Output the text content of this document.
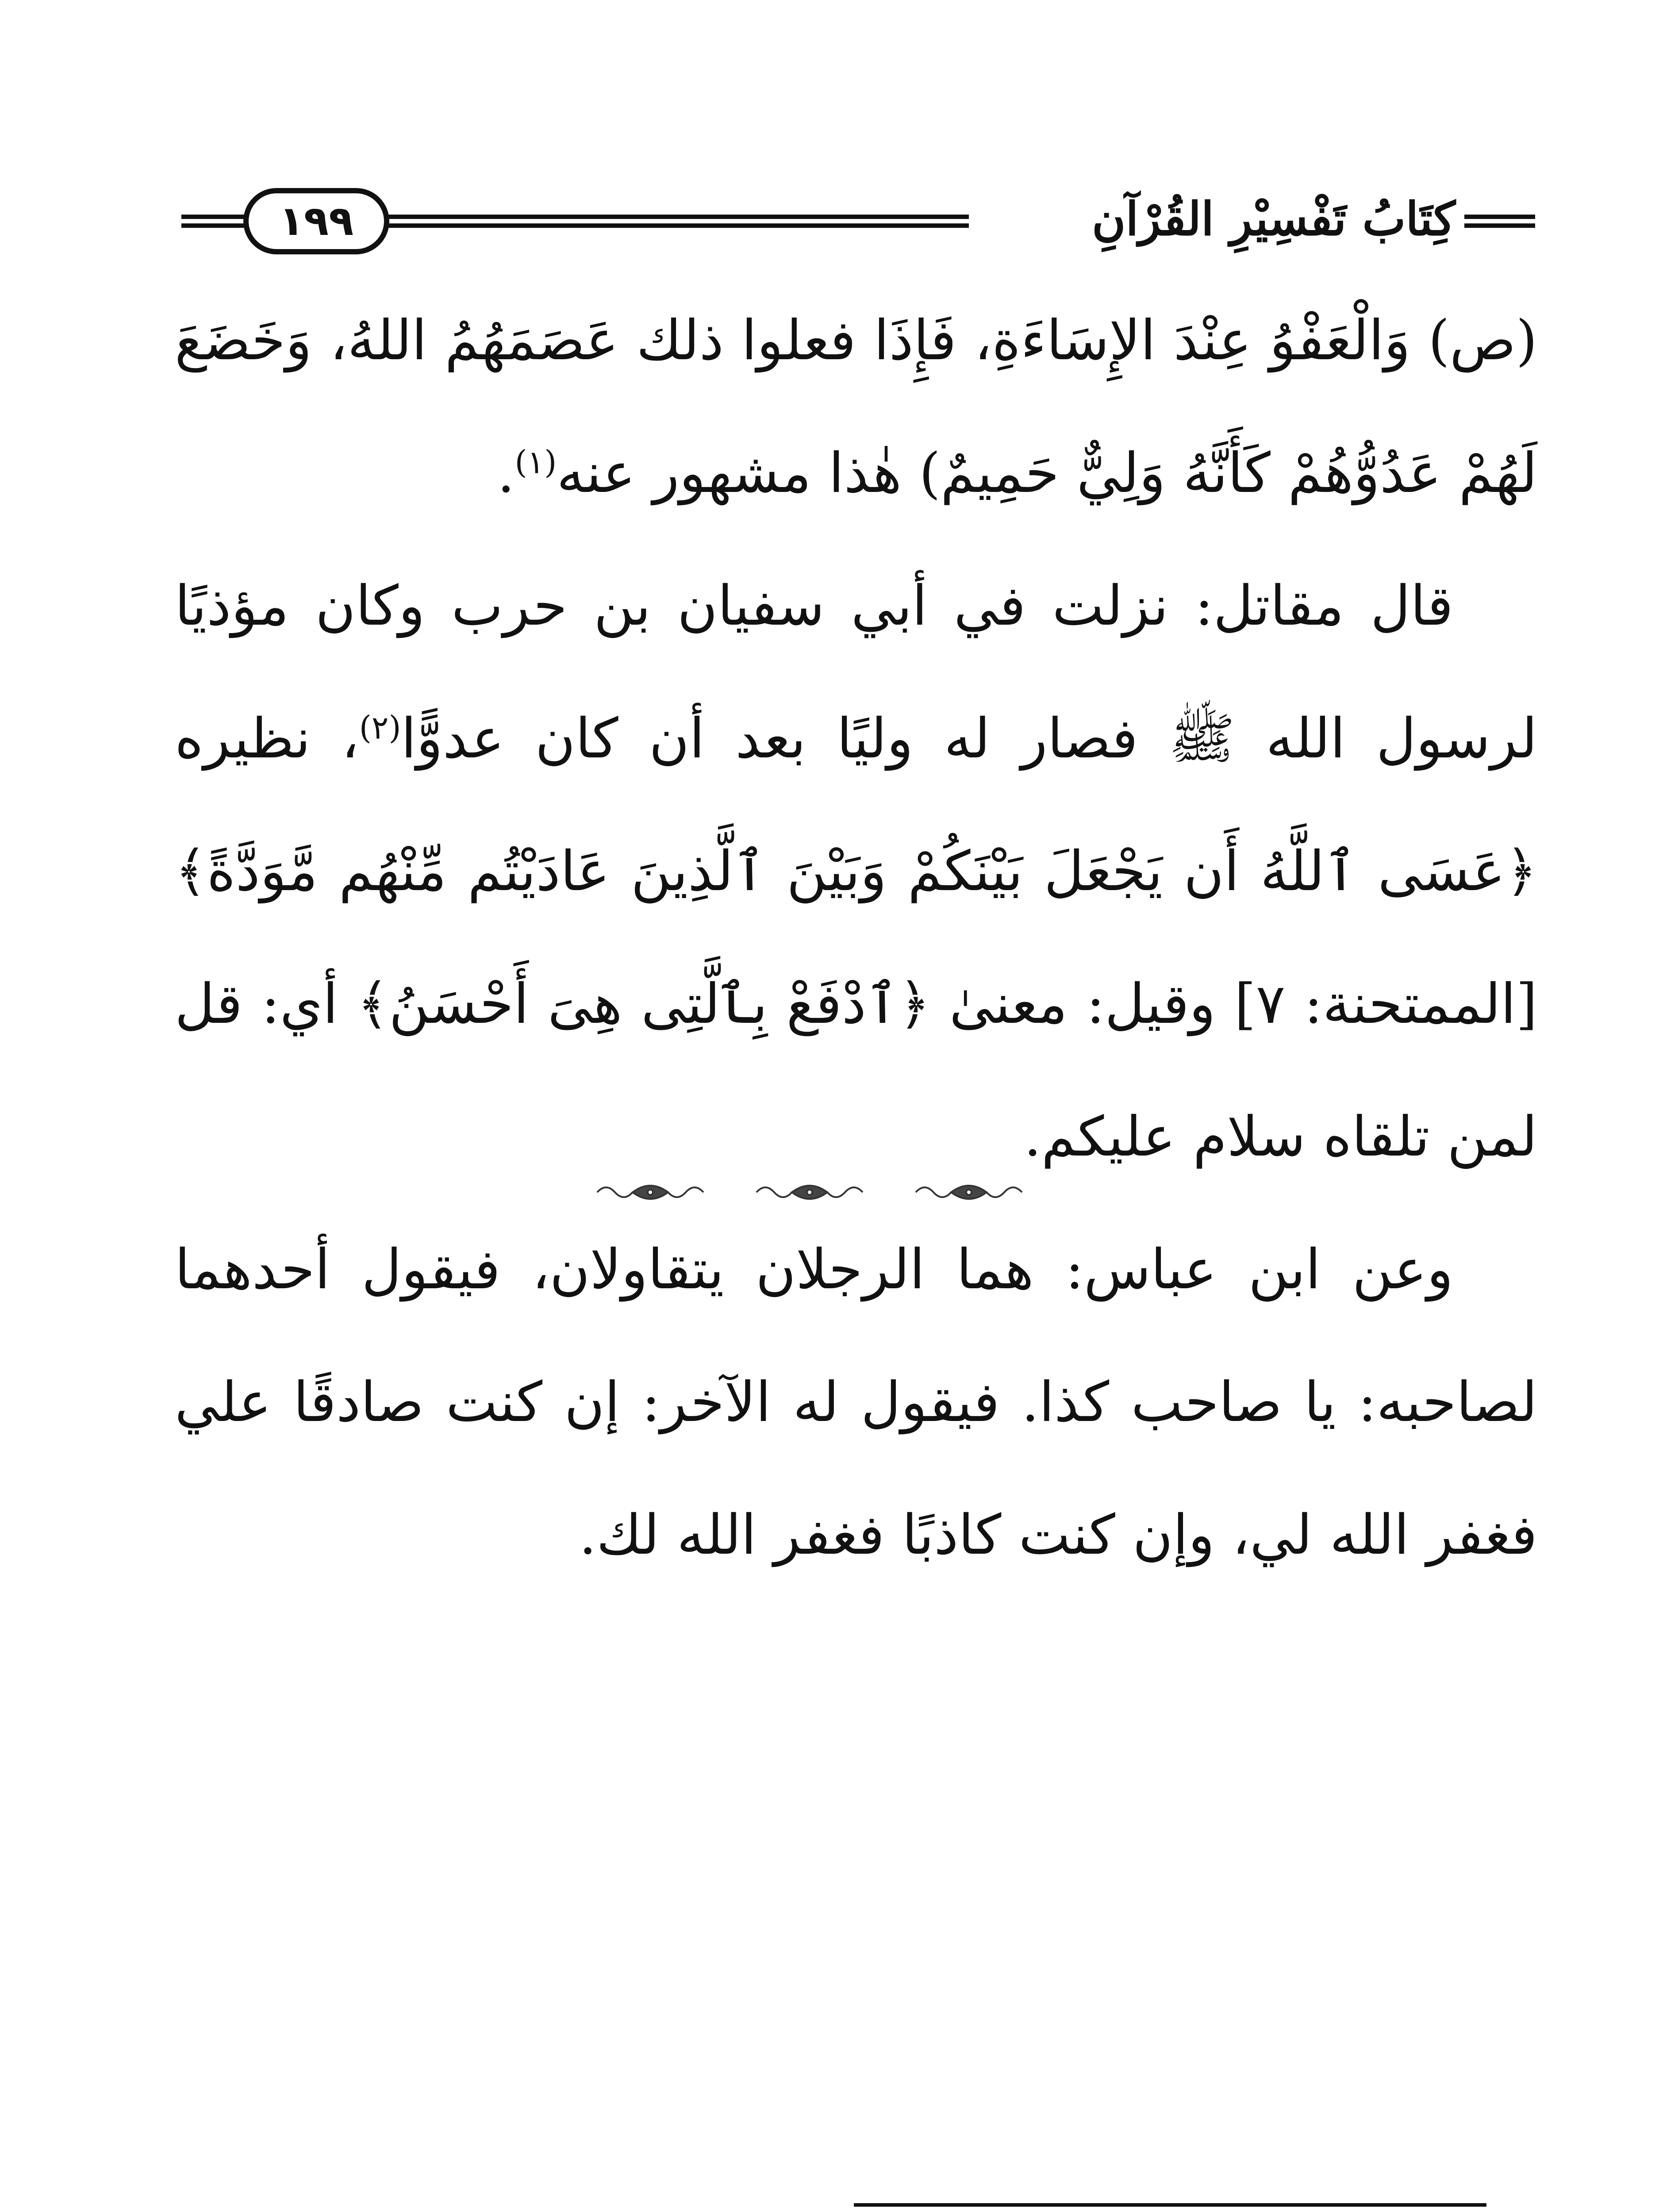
١٩٩	كِتَابُ تَفْسِيْرِ القُرْآنِ

(ص) وَالْعَفْوُ عِنْدَ الإِسَاءَةِ، فَإِذَا فعلوا ذلك عَصَمَهُمُ اللهُ، وَخَضَعَ لَهُمْ عَدُوُّهُمْ كَأَنَّهُ وَلِيٌّ حَمِيمٌ) هٰذا مشهور عنه$^{(١)}$.

قال مقاتل: نزلت في أبي سفيان بن حرب وكان مؤذيًا لرسول الله ﷺ فصار له وليًا بعد أن كان عدوًّا$^{(٢)}$، نظيره ﴿عَسَى ٱللَّهُ أَن يَجْعَلَ بَيْنَكُمْ وَبَيْنَ ٱلَّذِينَ عَادَيْتُم مِّنْهُم مَّوَدَّةً﴾ [الممتحنة: ٧] وقيل: معنىٰ ﴿ٱدْفَعْ بِٱلَّتِى هِىَ أَحْسَنُ﴾ أي: قل لمن تلقاه سلام عليكم.

وعن ابن عباس: هما الرجلان يتقاولان، فيقول أحدهما لصاحبه: يا صاحب كذا. فيقول له الآخر: إن كنت صادقًا علي فغفر الله لي، وإن كنت كاذبًا فغفر الله لك.
